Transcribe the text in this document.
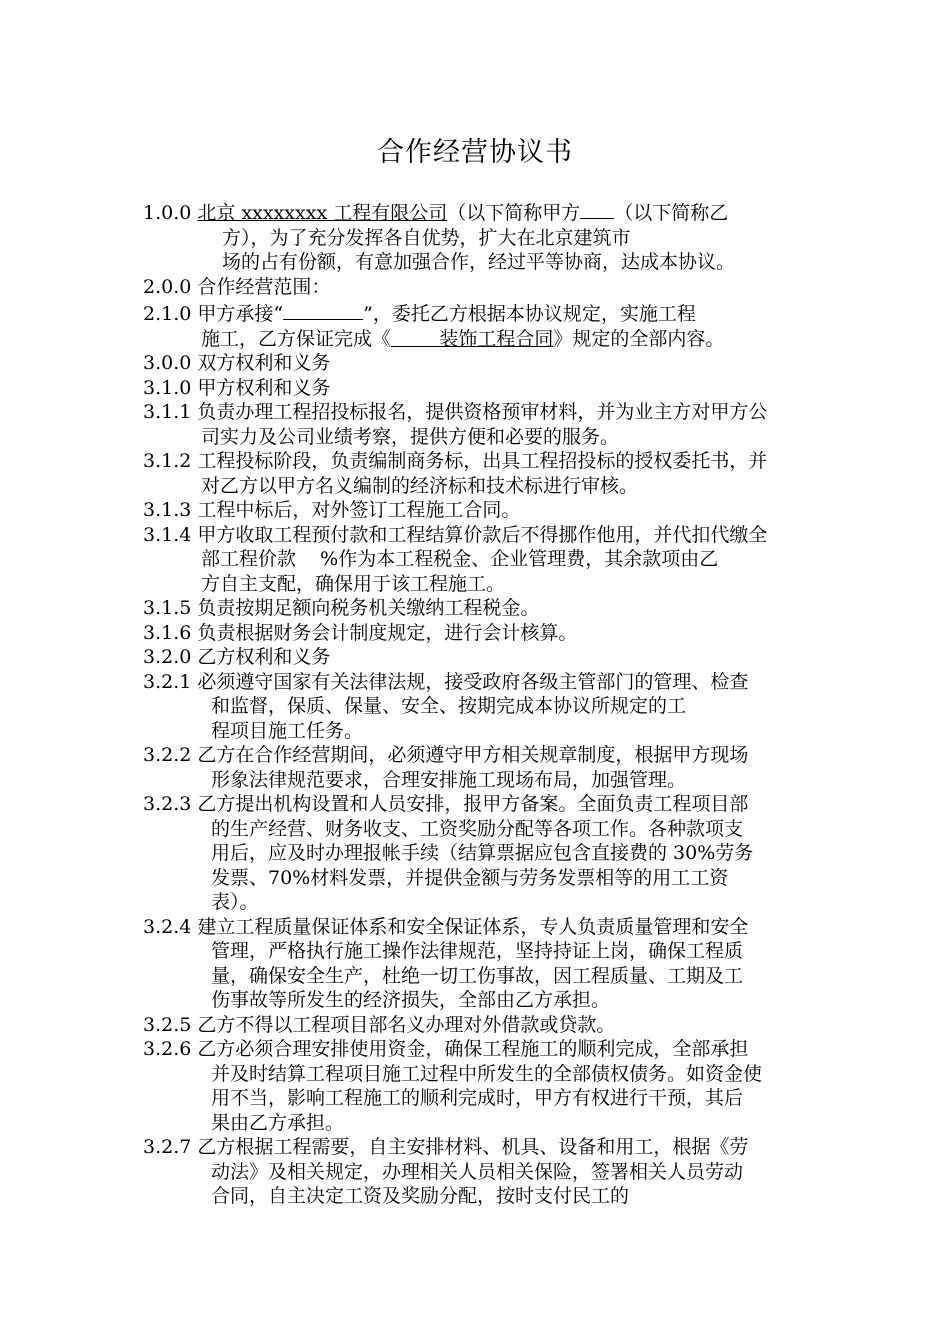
合作经营协议书
1.0.0 北京 xxxxxxxx 工程有限公司（以下简称甲方 （以下简称乙
方），为了充分发挥各自优势，扩大在北京建筑市
场的占有份额，有意加强合作，经过平等协商，达成本协议。
2.0.0 合作经营范围：
2.1.0 甲方承接“	”，委托乙方根据本协议规定，实施工程
施工，乙方保证完成《        装饰工程合同》规定的全部内容。
3.0.0 双方权利和义务
3.1.0 甲方权利和义务
3.1.1 负责办理工程招投标报名，提供资格预审材料，并为业主方对甲方公
司实力及公司业绩考察，提供方便和必要的服务。
3.1.2 工程投标阶段，负责编制商务标，出具工程招投标的授权委托书，并
对乙方以甲方名义编制的经济标和技术标进行审核。
3.1.3 工程中标后，对外签订工程施工合同。
3.1.4 甲方收取工程预付款和工程结算价款后不得挪作他用，并代扣代缴全
部工程价款    %作为本工程税金、企业管理费，其余款项由乙
方自主支配，确保用于该工程施工。
3.1.5 负责按期足额向税务机关缴纳工程税金。
3.1.6 负责根据财务会计制度规定，进行会计核算。
3.2.0 乙方权利和义务
3.2.1 必须遵守国家有关法律法规，接受政府各级主管部门的管理、检查
和监督，保质、保量、安全、按期完成本协议所规定的工
程项目施工任务。
3.2.2 乙方在合作经营期间，必须遵守甲方相关规章制度，根据甲方现场
形象法律规范要求，合理安排施工现场布局，加强管理。
3.2.3 乙方提出机构设置和人员安排，报甲方备案。全面负责工程项目部
的生产经营、财务收支、工资奖励分配等各项工作。各种款项支
用后，应及时办理报帐手续（结算票据应包含直接费的 30%劳务
发票、70%材料发票，并提供金额与劳务发票相等的用工工资
表）。
3.2.4 建立工程质量保证体系和安全保证体系，专人负责质量管理和安全
管理，严格执行施工操作法律规范，坚持持证上岗，确保工程质
量，确保安全生产，杜绝一切工伤事故，因工程质量、工期及工
伤事故等所发生的经济损失，全部由乙方承担。
3.2.5 乙方不得以工程项目部名义办理对外借款或贷款。
3.2.6 乙方必须合理安排使用资金，确保工程施工的顺利完成，全部承担
并及时结算工程项目施工过程中所发生的全部债权债务。如资金使
用不当，影响工程施工的顺利完成时，甲方有权进行干预，其后
果由乙方承担。
3.2.7 乙方根据工程需要，自主安排材料、机具、设备和用工，根据《劳
动法》及相关规定，办理相关人员相关保险，签署相关人员劳动
合同，自主决定工资及奖励分配，按时支付民工的
